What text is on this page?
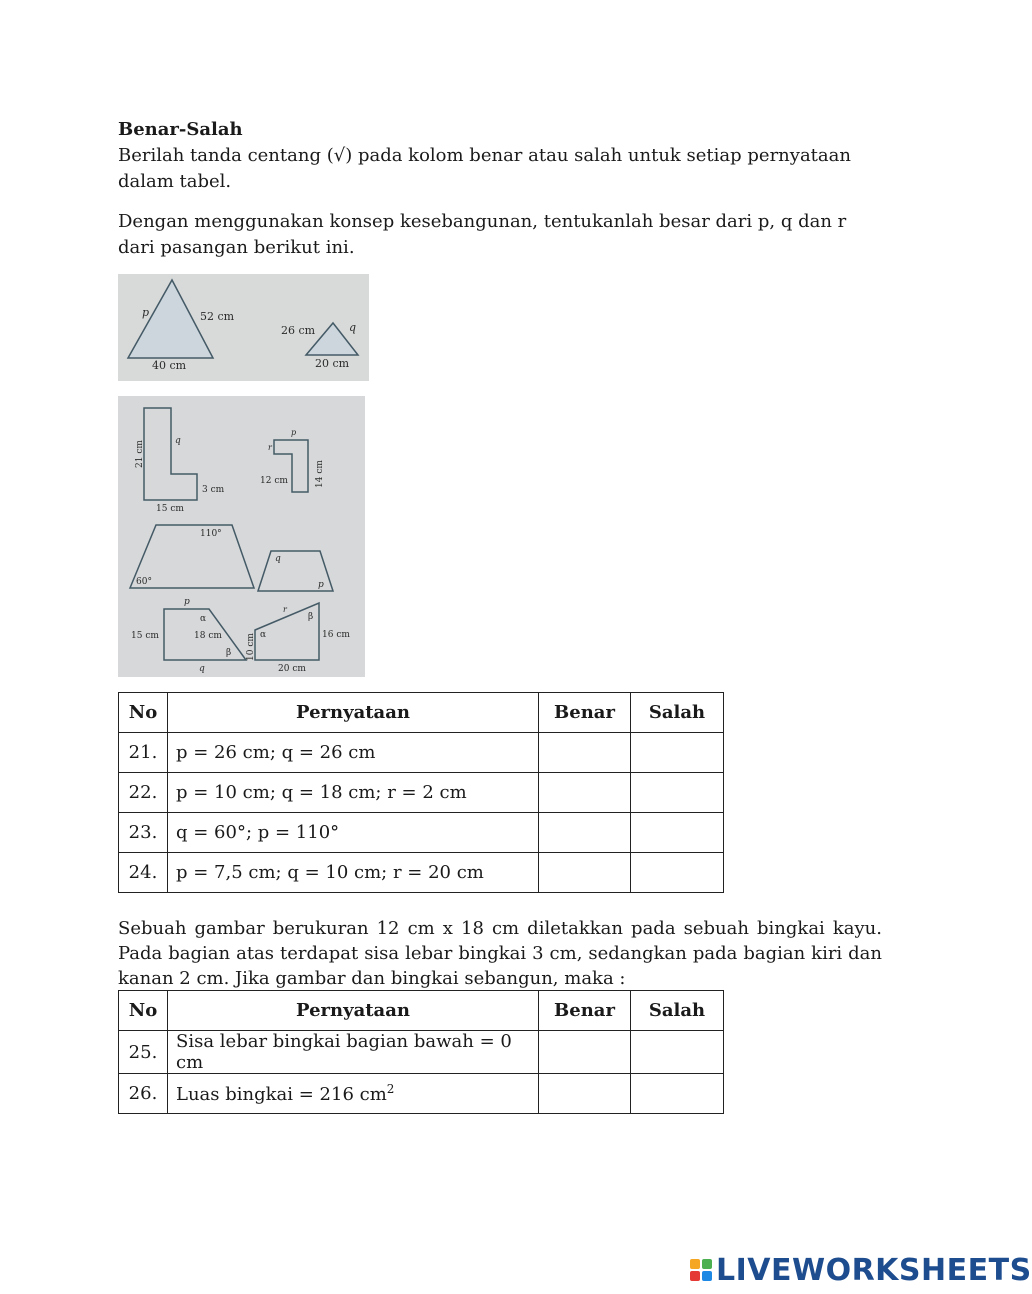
Benar-Salah

Berilah tanda centang (√) pada kolom benar atau salah untuk setiap pernyataan dalam tabel.

Dengan menggunakan konsep kesebangunan, tentukanlah besar dari p, q dan r dari pasangan berikut ini.

p	52 cm
40 cm
26 cm	q
20 cm
21 cm	q
3 cm
15 cm
p
r
12 cm	14 cm
110°
60°
q
p
p
α
15 cm	18 cm
β
q
10 cm α
r
β
16 cm
20 cm
No	Pernyataan	Benar	Salah
21.	p = 26 cm; q = 26 cm		
22.	p = 10 cm; q = 18 cm; r = 2 cm		
23.	q = 60°; p = 110°		
24.	p = 7,5 cm; q = 10 cm; r = 20 cm		

Sebuah gambar berukuran 12 cm x 18 cm diletakkan pada sebuah bingkai kayu. Pada bagian atas terdapat sisa lebar bingkai 3 cm, sedangkan pada bagian kiri dan kanan 2 cm. Jika gambar dan bingkai sebangun, maka :

No	Pernyataan	Benar	Salah
25.	Sisa lebar bingkai bagian bawah = 0 cm		
26.	Luas bingkai = 216 $cm^2$		
LIVEWORKSHEETS
